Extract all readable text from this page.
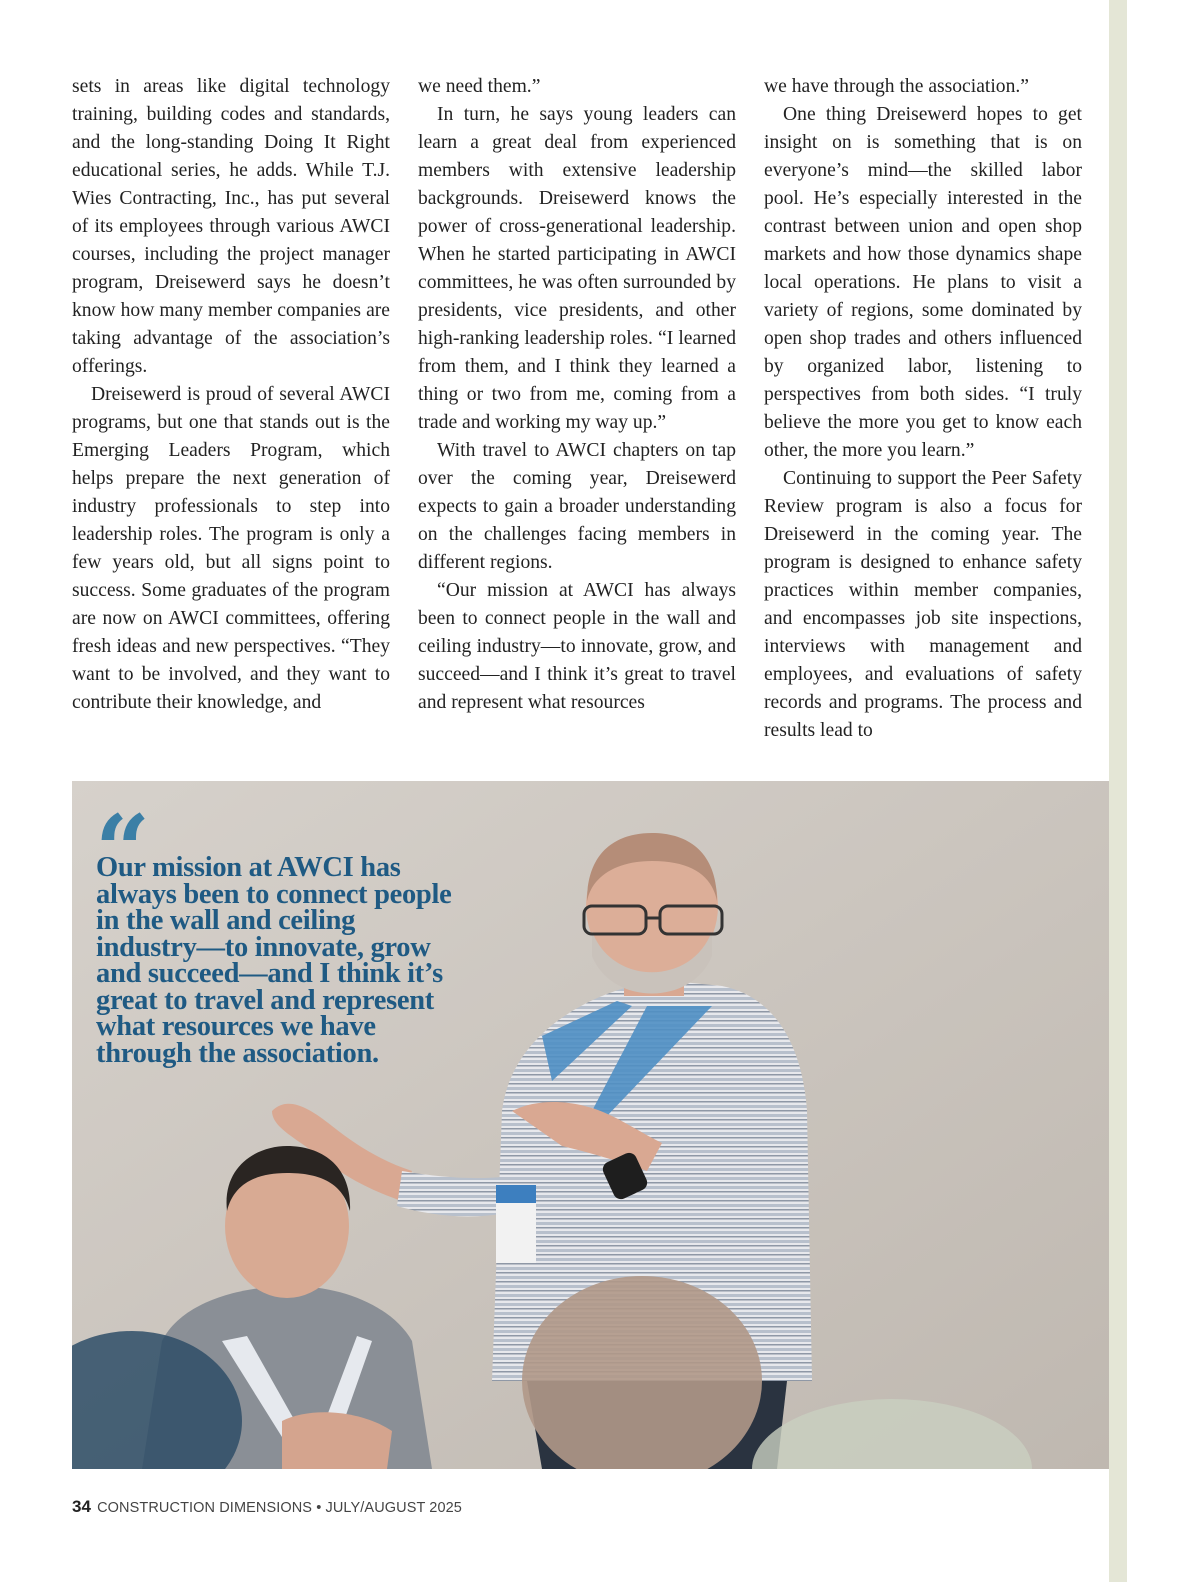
sets in areas like digital technology training, building codes and standards, and the long-standing Doing It Right educational series, he adds. While T.J. Wies Contracting, Inc., has put several of its employees through various AWCI courses, including the project manager program, Dreisewerd says he doesn’t know how many member companies are taking advantage of the association’s offerings.

Dreisewerd is proud of several AWCI programs, but one that stands out is the Emerging Leaders Program, which helps prepare the next generation of industry professionals to step into leadership roles. The program is only a few years old, but all signs point to success. Some graduates of the program are now on AWCI committees, offering fresh ideas and new perspectives. “They want to be involved, and they want to contribute their knowledge, and

we need them.”

In turn, he says young leaders can learn a great deal from experienced members with extensive leadership backgrounds. Dreisewerd knows the power of cross-generational leadership. When he started participating in AWCI committees, he was often surrounded by presidents, vice presidents, and other high-ranking leadership roles. “I learned from them, and I think they learned a thing or two from me, coming from a trade and working my way up.”

With travel to AWCI chapters on tap over the coming year, Dreisewerd expects to gain a broader understanding on the challenges facing members in different regions.

“Our mission at AWCI has always been to connect people in the wall and ceiling industry—to innovate, grow, and succeed—and I think it’s great to travel and represent what resources

we have through the association.”

One thing Dreisewerd hopes to get insight on is something that is on everyone’s mind—the skilled labor pool. He’s especially interested in the contrast between union and open shop markets and how those dynamics shape local operations. He plans to visit a variety of regions, some dominated by open shop trades and others influenced by organized labor, listening to perspectives from both sides. “I truly believe the more you get to know each other, the more you learn.”

Continuing to support the Peer Safety Review program is also a focus for Dreisewerd in the coming year. The program is designed to enhance safety practices within member companies, and encompasses job site inspections, interviews with management and employees, and evaluations of safety records and programs. The process and results lead to

“

Our mission at AWCI has always been to connect people in the wall and ceiling industry—to innovate, grow and succeed—and I think it’s great to travel and represent what resources we have through the association.

34 CONSTRUCTION DIMENSIONS • JULY/AUGUST 2025
